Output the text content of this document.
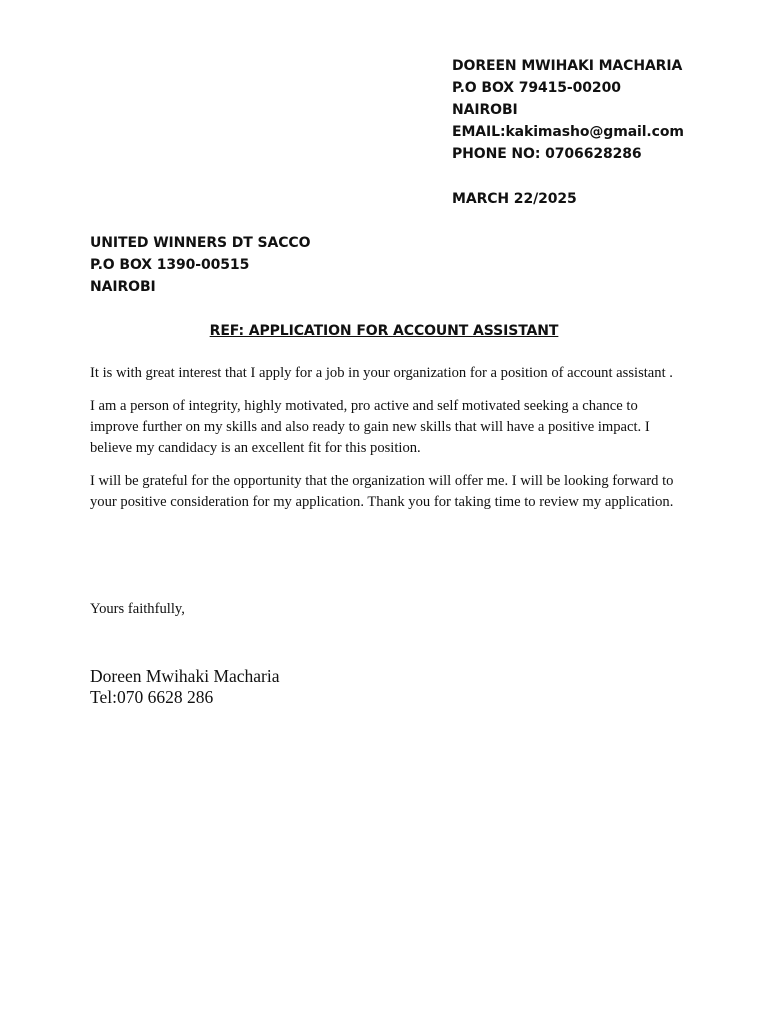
DOREEN MWIHAKI MACHARIA
P.O BOX 79415-00200
NAIROBI
EMAIL:kakimasho@gmail.com
PHONE NO: 0706628286
MARCH 22/2025
UNITED WINNERS DT SACCO
P.O BOX 1390-00515
NAIROBI
REF: APPLICATION FOR ACCOUNT ASSISTANT

It is with great interest that I apply for a job in your organization for a position of account assistant .

I am a person of integrity, highly motivated, pro active and self motivated seeking a chance to improve further on my skills and also ready to gain new skills that will have a positive impact. I believe my candidacy is an excellent fit for this position.

I will be grateful for the opportunity that the organization will offer me. I will be looking forward to your positive consideration for my application. Thank you for taking time to review my application.

Yours faithfully,
Doreen Mwihaki Macharia
Tel:070 6628 286
